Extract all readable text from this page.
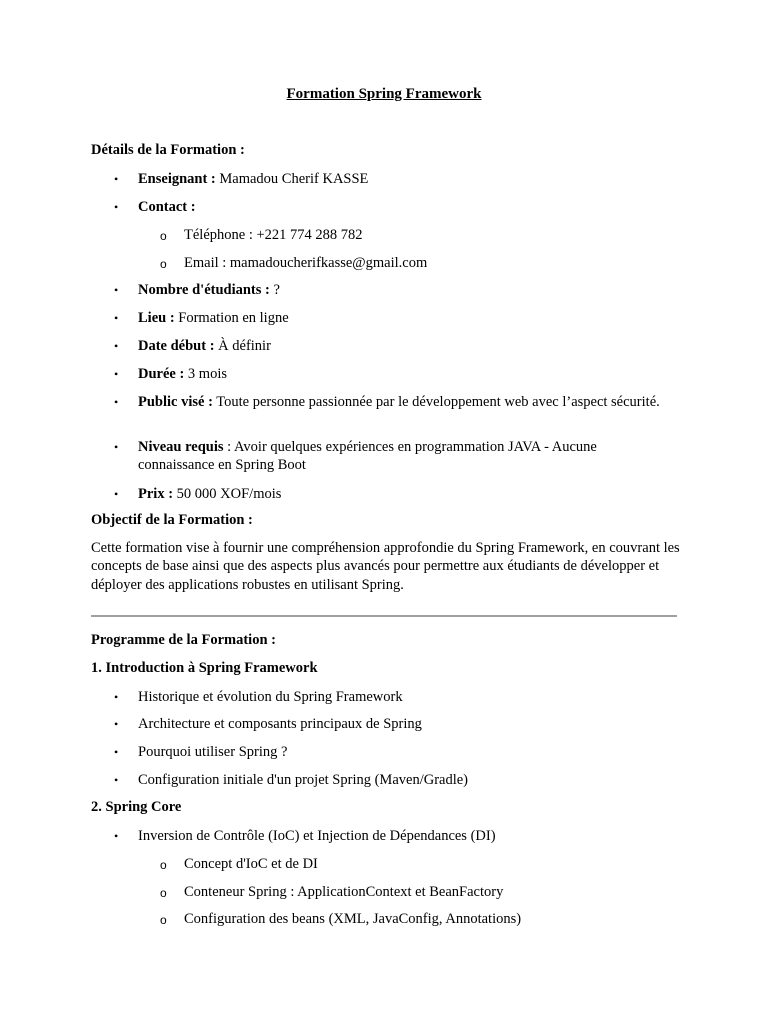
Formation Spring Framework
Détails de la Formation :
• Enseignant : Mamadou Cherif KASSE
• Contact :
o Téléphone : +221 774 288 782
o Email : mamadoucherifkasse@gmail.com
• Nombre d'étudiants : ?
• Lieu : Formation en ligne
• Date début : À définir
• Durée : 3 mois
• Public visé : Toute personne passionnée par le développement web avec l’aspect sécurité.
• Niveau requis : Avoir quelques expériences en programmation JAVA - Aucune connaissance en Spring Boot
• Prix : 50 000 XOF/mois
Objectif de la Formation :
Cette formation vise à fournir une compréhension approfondie du Spring Framework, en couvrant les concepts de base ainsi que des aspects plus avancés pour permettre aux étudiants de développer et déployer des applications robustes en utilisant Spring.
Programme de la Formation :
1. Introduction à Spring Framework
• Historique et évolution du Spring Framework
• Architecture et composants principaux de Spring
• Pourquoi utiliser Spring ?
• Configuration initiale d'un projet Spring (Maven/Gradle)
2. Spring Core
• Inversion de Contrôle (IoC) et Injection de Dépendances (DI)
o Concept d'IoC et de DI
o Conteneur Spring : ApplicationContext et BeanFactory
o Configuration des beans (XML, JavaConfig, Annotations)
